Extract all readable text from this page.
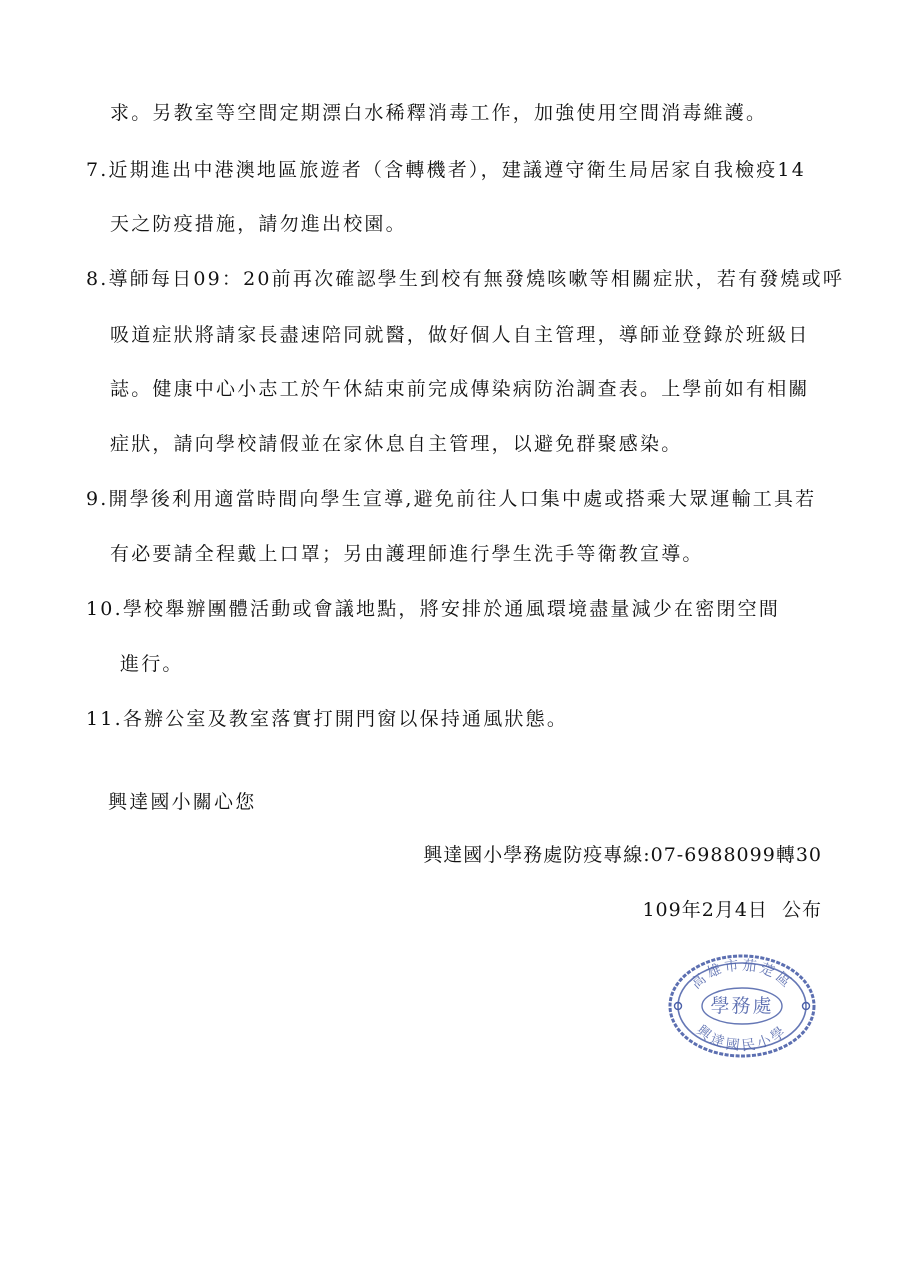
求。另教室等空間定期漂白水稀釋消毒工作，加強使用空間消毒維護。
7.近期進出中港澳地區旅遊者（含轉機者），建議遵守衛生局居家自我檢疫14
天之防疫措施，請勿進出校園。
8.導師每日09：20前再次確認學生到校有無發燒咳嗽等相關症狀，若有發燒或呼
吸道症狀將請家長盡速陪同就醫，做好個人自主管理，導師並登錄於班級日
誌。健康中心小志工於午休結束前完成傳染病防治調查表。上學前如有相關
症狀，請向學校請假並在家休息自主管理，以避免群聚感染。
9.開學後利用適當時間向學生宣導,避免前往人口集中處或搭乘大眾運輸工具若
有必要請全程戴上口罩；另由護理師進行學生洗手等衛教宣導。
10.學校舉辦團體活動或會議地點，將安排於通風環境盡量減少在密閉空間
進行。
11.各辦公室及教室落實打開門窗以保持通風狀態。
興達國小關心您
興達國小學務處防疫專線:07-6988099轉30
109年2月4日  公布
高雄市茄萣區
學務處
興達國民小學
